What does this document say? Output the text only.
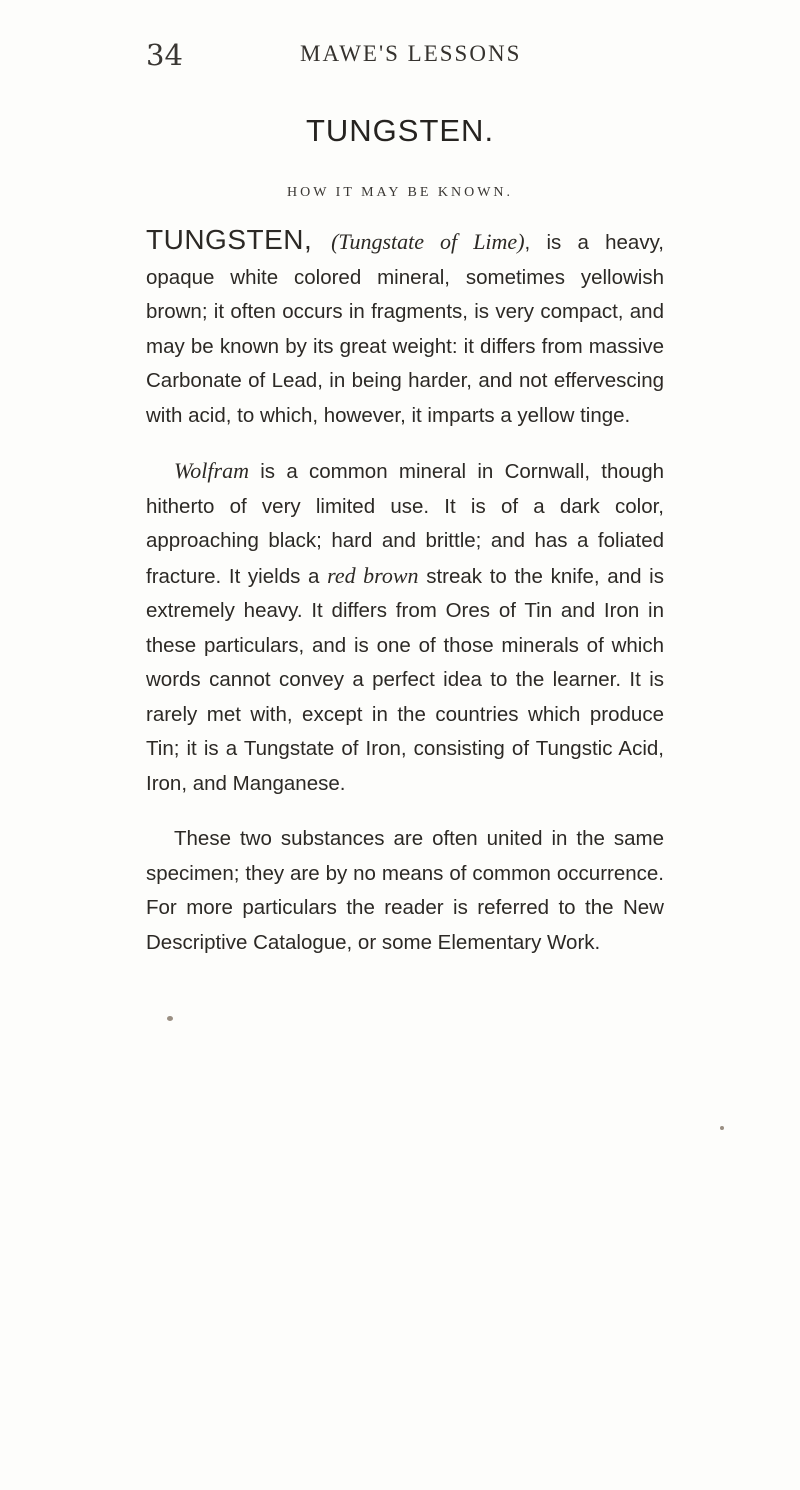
34	MAWE'S LESSONS
TUNGSTEN.
HOW IT MAY BE KNOWN.

TUNGSTEN, (Tungstate of Lime), is a heavy, opaque white colored mineral, sometimes yellowish brown; it often occurs in fragments, is very compact, and may be known by its great weight: it differs from massive Carbonate of Lead, in being harder, and not effervescing with acid, to which, however, it imparts a yellow tinge.

Wolfram is a common mineral in Cornwall, though hitherto of very limited use. It is of a dark color, approaching black; hard and brittle; and has a foliated fracture. It yields a red brown streak to the knife, and is extremely heavy. It differs from Ores of Tin and Iron in these particulars, and is one of those minerals of which words cannot convey a perfect idea to the learner. It is rarely met with, except in the countries which produce Tin; it is a Tungstate of Iron, consisting of Tungstic Acid, Iron, and Manganese.

These two substances are often united in the same specimen; they are by no means of common occurrence. For more particulars the reader is referred to the New Descriptive Catalogue, or some Elementary Work.
